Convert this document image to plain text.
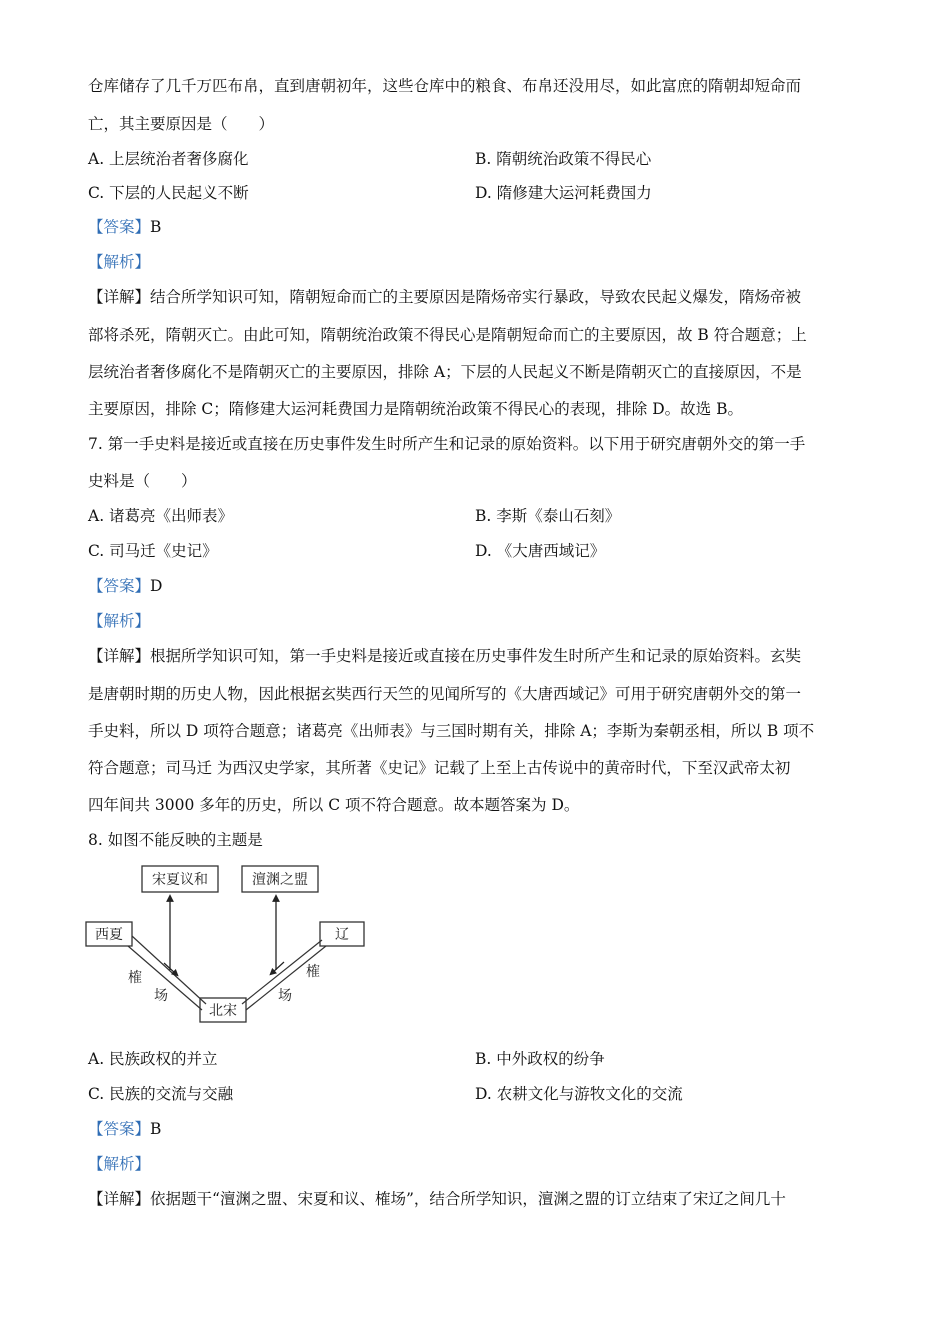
仓库储存了几千万匹布帛，直到唐朝初年，这些仓库中的粮食、布帛还没用尽，如此富庶的隋朝却短命而
亡，其主要原因是（　　）
A. 上层统治者奢侈腐化	B. 隋朝统治政策不得民心
C. 下层的人民起义不断	D. 隋修建大运河耗费国力
【答案】B
【解析】
【详解】结合所学知识可知，隋朝短命而亡的主要原因是隋炀帝实行暴政，导致农民起义爆发，隋炀帝被
部将杀死，隋朝灭亡。由此可知，隋朝统治政策不得民心是隋朝短命而亡的主要原因，故 B 符合题意；上
层统治者奢侈腐化不是隋朝灭亡的主要原因，排除 A；下层的人民起义不断是隋朝灭亡的直接原因，不是
主要原因，排除 C；隋修建大运河耗费国力是隋朝统治政策不得民心的表现，排除 D。故选 B。
7. 第一手史料是接近或直接在历史事件发生时所产生和记录的原始资料。以下用于研究唐朝外交的第一手
史料是（　　）
A. 诸葛亮《出师表》	B. 李斯《泰山石刻》
C. 司马迁《史记》	D. 《大唐西域记》
【答案】D
【解析】
【详解】根据所学知识可知，第一手史料是接近或直接在历史事件发生时所产生和记录的原始资料。玄奘
是唐朝时期的历史人物，因此根据玄奘西行天竺的见闻所写的《大唐西域记》可用于研究唐朝外交的第一
手史料，所以 D 项符合题意；诸葛亮《出师表》与三国时期有关，排除 A；李斯为秦朝丞相，所以 B 项不
符合题意；司马迁 为西汉史学家，其所著《史记》记载了上至上古传说中的黄帝时代，下至汉武帝太初
四年间共 3000 多年的历史，所以 C 项不符合题意。故本题答案为 D。
8. 如图不能反映的主题是
宋夏议和	澶渊之盟
西夏	辽
北宋
榷
场
榷
场
A. 民族政权的并立	B. 中外政权的纷争
C. 民族的交流与交融	D. 农耕文化与游牧文化的交流
【答案】B
【解析】
【详解】依据题干“澶渊之盟、宋夏和议、榷场”，结合所学知识，澶渊之盟的订立结束了宋辽之间几十
